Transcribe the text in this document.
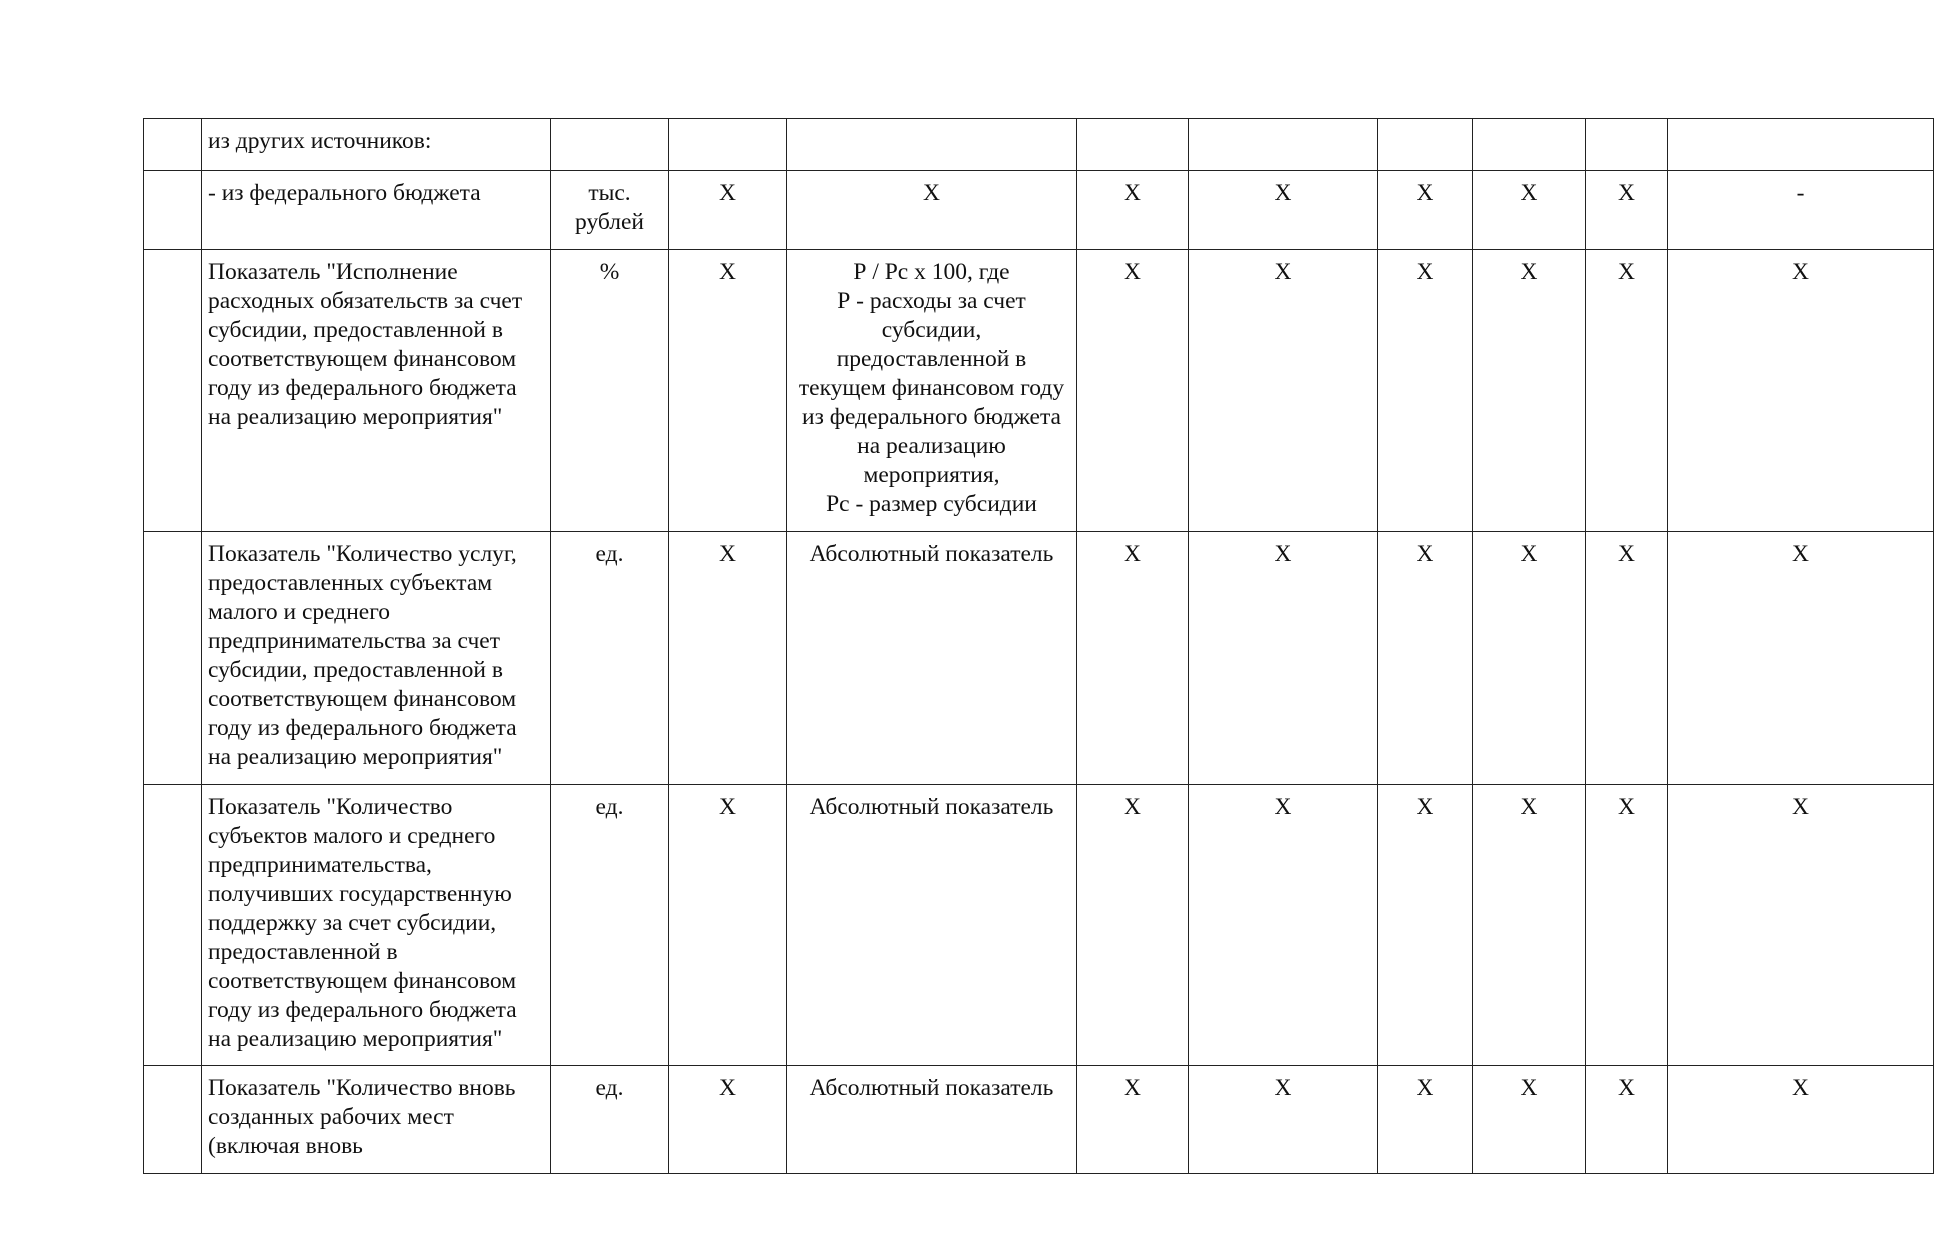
	из других источников:									
	- из федерального бюджета	тыс. рублей	Х	Х	Х	Х	Х	Х	Х	-
	Показатель "Исполнение расходных обязательств за счет субсидии, предоставленной в соответствующем финансовом году из федерального бюджета на реализацию мероприятия"	%	Х	Р / Рс х 100, где
Р - расходы за счет субсидии, предоставленной в текущем финансовом году из федерального бюджета на реализацию мероприятия,
Рс - размер субсидии	Х	Х	Х	Х	Х	Х
	Показатель "Количество услуг, предоставленных субъектам малого и среднего предпринимательства за счет субсидии, предоставленной в соответствующем финансовом году из федерального бюджета на реализацию мероприятия"	ед.	Х	Абсолютный показатель	Х	Х	Х	Х	Х	Х
	Показатель "Количество субъектов малого и среднего предпринимательства, получивших государственную поддержку за счет субсидии, предоставленной в соответствующем финансовом году из федерального бюджета на реализацию мероприятия"	ед.	Х	Абсолютный показатель	Х	Х	Х	Х	Х	Х
	Показатель "Количество вновь созданных рабочих мест (включая вновь	ед.	Х	Абсолютный показатель	Х	Х	Х	Х	Х	Х
